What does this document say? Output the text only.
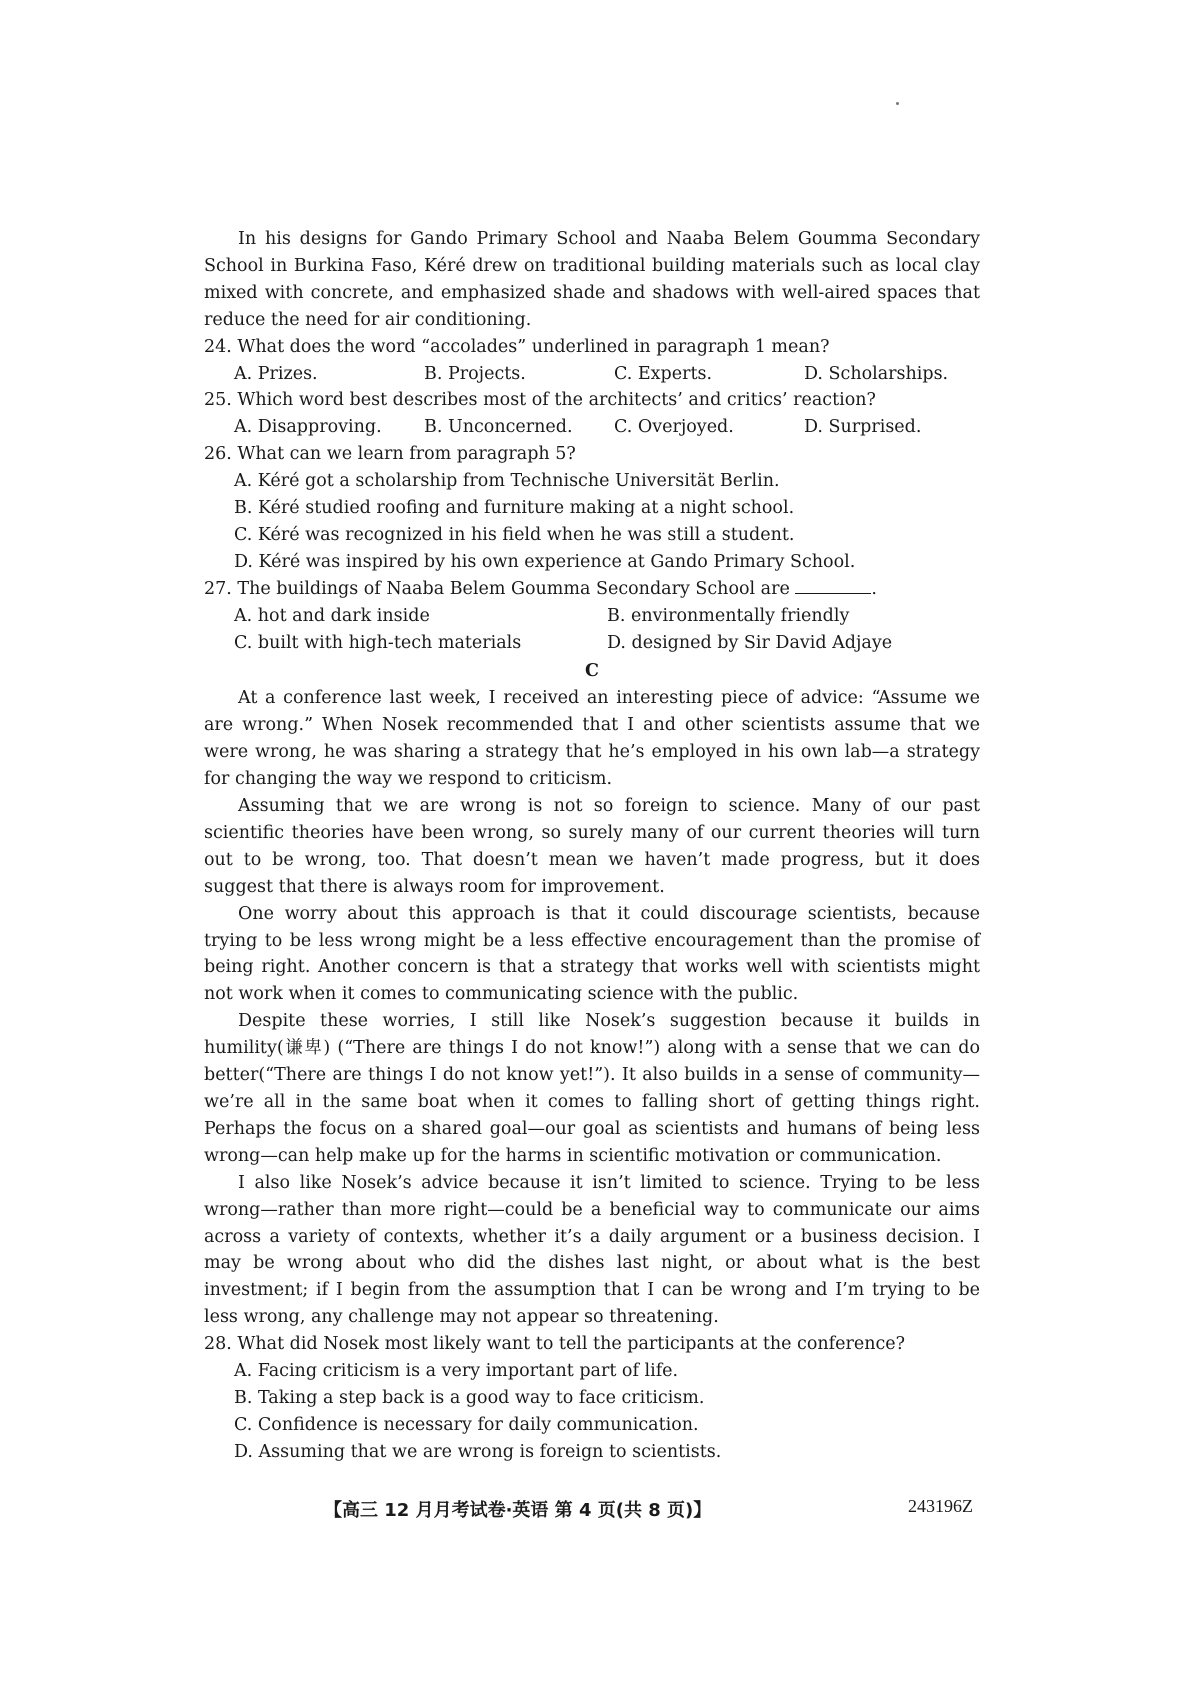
In his designs for Gando Primary School and Naaba Belem Goumma Secondary School in Burkina Faso, Kéré drew on traditional building materials such as local clay mixed with concrete, and emphasized shade and shadows with well-aired spaces that reduce the need for air conditioning.

24. What does the word “accolades” underlined in paragraph 1 mean?

A. Prizes.	B. Projects.	C. Experts.	D. Scholarships.

25. Which word best describes most of the architects’ and critics’ reaction?

A. Disapproving.	B. Unconcerned.	C. Overjoyed.	D. Surprised.

26. What can we learn from paragraph 5?

A. Kéré got a scholarship from Technische Universität Berlin.
B. Kéré studied roofing and furniture making at a night school.
C. Kéré was recognized in his field when he was still a student.
D. Kéré was inspired by his own experience at Gando Primary School.

27. The buildings of Naaba Belem Goumma Secondary School are	.

A. hot and dark inside	B. environmentally friendly
C. built with high-tech materials	D. designed by Sir David Adjaye
C

At a conference last week, I received an interesting piece of advice: “Assume we are wrong.” When Nosek recommended that I and other scientists assume that we were wrong, he was sharing a strategy that he’s employed in his own lab—a strategy for changing the way we respond to criticism.

Assuming that we are wrong is not so foreign to science. Many of our past scientific theories have been wrong, so surely many of our current theories will turn out to be wrong, too. That doesn’t mean we haven’t made progress, but it does suggest that there is always room for improvement.

One worry about this approach is that it could discourage scientists, because trying to be less wrong might be a less effective encouragement than the promise of being right. Another concern is that a strategy that works well with scientists might not work when it comes to communicating science with the public.

Despite these worries, I still like Nosek’s suggestion because it builds in humility(谦卑) (“There are things I do not know!”) along with a sense that we can do better(“There are things I do not know yet!”). It also builds in a sense of community—we’re all in the same boat when it comes to falling short of getting things right. Perhaps the focus on a shared goal—our goal as scientists and humans of being less wrong—can help make up for the harms in scientific motivation or communication.

I also like Nosek’s advice because it isn’t limited to science. Trying to be less wrong—rather than more right—could be a beneficial way to communicate our aims across a variety of contexts, whether it’s a daily argument or a business decision. I may be wrong about who did the dishes last night, or about what is the best investment; if I begin from the assumption that I can be wrong and I’m trying to be less wrong, any challenge may not appear so threatening.

28. What did Nosek most likely want to tell the participants at the conference?

A. Facing criticism is a very important part of life.
B. Taking a step back is a good way to face criticism.
C. Confidence is necessary for daily communication.
D. Assuming that we are wrong is foreign to scientists.
【高三 12 月月考试卷·英语 第 4 页(共 8 页)】	243196Z
